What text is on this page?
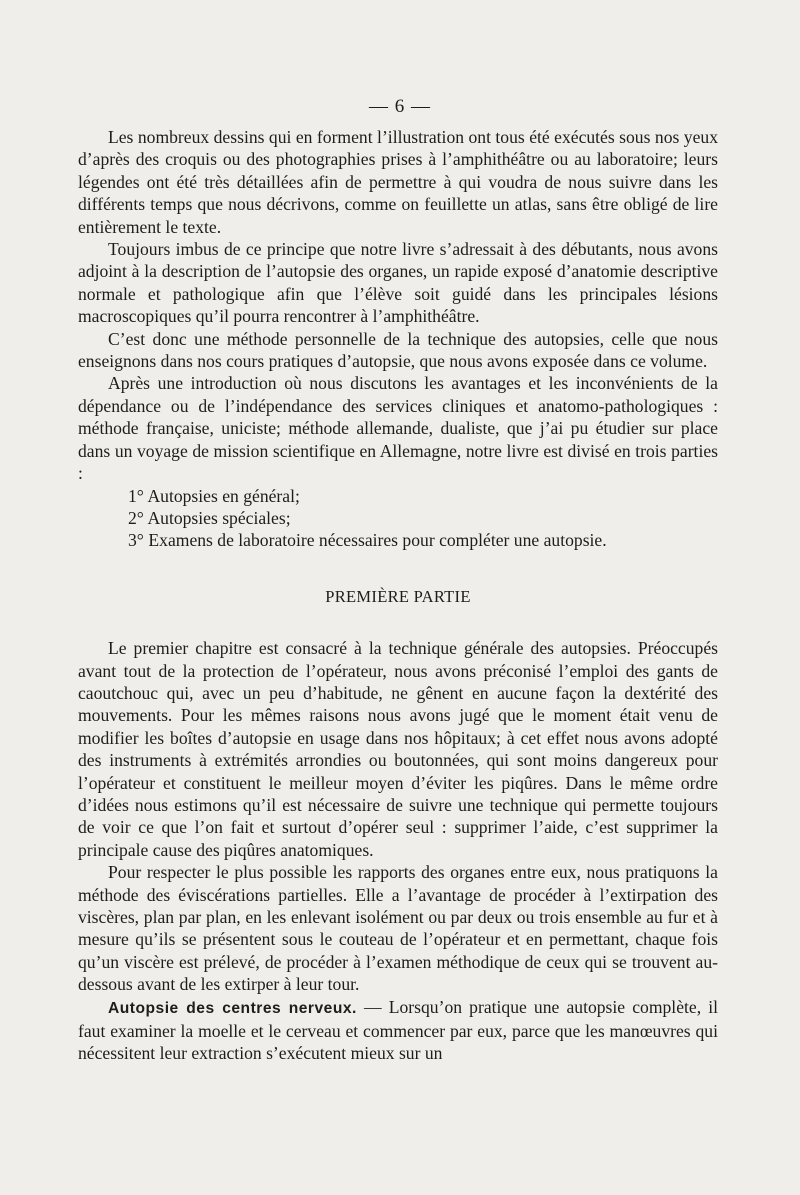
— 6 —

Les nombreux dessins qui en forment l’illustration ont tous été exécutés sous nos yeux d’après des croquis ou des photographies prises à l’amphithéâtre ou au laboratoire; leurs légendes ont été très détaillées afin de permettre à qui voudra de nous suivre dans les différents temps que nous décrivons, comme on feuillette un atlas, sans être obligé de lire entièrement le texte.

Toujours imbus de ce principe que notre livre s’adressait à des débutants, nous avons adjoint à la description de l’autopsie des organes, un rapide exposé d’anatomie descriptive normale et pathologique afin que l’élève soit guidé dans les principales lésions macroscopiques qu’il pourra rencontrer à l’amphithéâtre.

C’est donc une méthode personnelle de la technique des autopsies, celle que nous enseignons dans nos cours pratiques d’autopsie, que nous avons exposée dans ce volume.

Après une introduction où nous discutons les avantages et les inconvénients de la dépendance ou de l’indépendance des services cliniques et anatomo-pathologiques : méthode française, uniciste; méthode allemande, dualiste, que j’ai pu étudier sur place dans un voyage de mission scientifique en Allemagne, notre livre est divisé en trois parties :

1° Autopsies en général;
2° Autopsies spéciales;
3° Examens de laboratoire nécessaires pour compléter une autopsie.
PREMIÈRE PARTIE

Le premier chapitre est consacré à la technique générale des autopsies. Préoccupés avant tout de la protection de l’opérateur, nous avons préconisé l’emploi des gants de caoutchouc qui, avec un peu d’habitude, ne gênent en aucune façon la dextérité des mouvements. Pour les mêmes raisons nous avons jugé que le moment était venu de modifier les boîtes d’autopsie en usage dans nos hôpitaux; à cet effet nous avons adopté des instruments à extrémités arrondies ou boutonnées, qui sont moins dangereux pour l’opérateur et constituent le meilleur moyen d’éviter les piqûres. Dans le même ordre d’idées nous estimons qu’il est nécessaire de suivre une technique qui permette toujours de voir ce que l’on fait et surtout d’opérer seul : supprimer l’aide, c’est supprimer la principale cause des piqûres anatomiques.

Pour respecter le plus possible les rapports des organes entre eux, nous pratiquons la méthode des éviscérations partielles. Elle a l’avantage de procéder à l’extirpation des viscères, plan par plan, en les enlevant isolément ou par deux ou trois ensemble au fur et à mesure qu’ils se présentent sous le couteau de l’opérateur et en permettant, chaque fois qu’un viscère est prélevé, de procéder à l’examen méthodique de ceux qui se trouvent au-dessous avant de les extirper à leur tour.

Autopsie des centres nerveux. — Lorsqu’on pratique une autopsie complète, il faut examiner la moelle et le cerveau et commencer par eux, parce que les manœuvres qui nécessitent leur extraction s’exécutent mieux sur un
